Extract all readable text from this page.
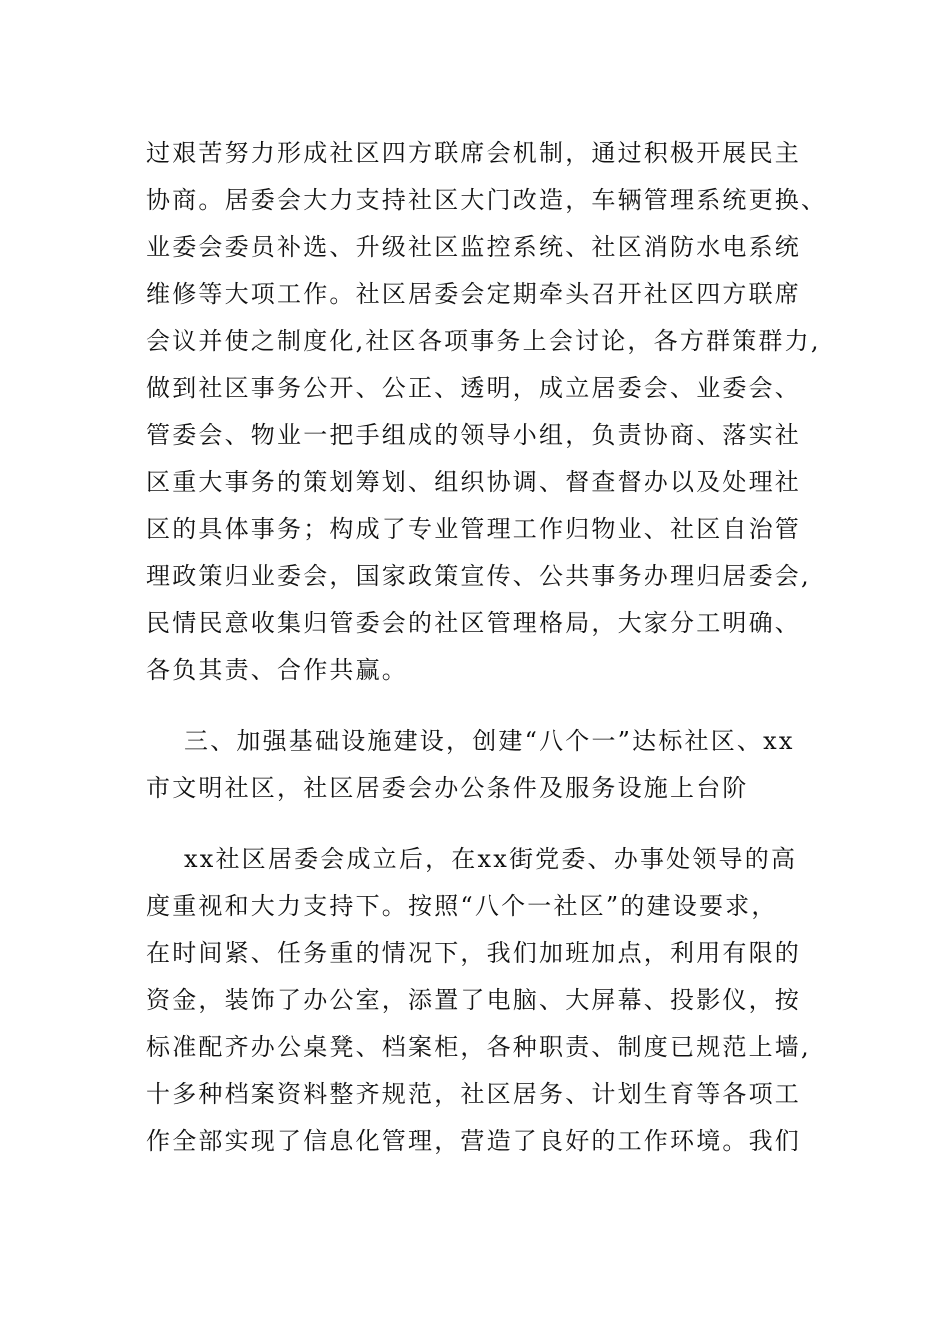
过艰苦努力形成社区四方联席会机制，通过积极开展民主
协商。居委会大力支持社区大门改造，车辆管理系统更换、
业委会委员补选、升级社区监控系统、社区消防水电系统
维修等大项工作。社区居委会定期牵头召开社区四方联席
会议并使之制度化,社区各项事务上会讨论，各方群策群力,
做到社区事务公开、公正、透明，成立居委会、业委会、
管委会、物业一把手组成的领导小组，负责协商、落实社
区重大事务的策划筹划、组织协调、督查督办以及处理社
区的具体事务；构成了专业管理工作归物业、社区自治管
理政策归业委会，国家政策宣传、公共事务办理归居委会,
民情民意收集归管委会的社区管理格局，大家分工明确、
各负其责、合作共赢。
三、加强基础设施建设，创建“八个一”达标社区、xx
市文明社区，社区居委会办公条件及服务设施上台阶
xx社区居委会成立后，在xx街党委、办事处领导的高
度重视和大力支持下。按照“八个一社区”的建设要求，
在时间紧、任务重的情况下，我们加班加点，利用有限的
资金，装饰了办公室，添置了电脑、大屏幕、投影仪，按
标准配齐办公桌凳、档案柜，各种职责、制度已规范上墙,
十多种档案资料整齐规范，社区居务、计划生育等各项工
作全部实现了信息化管理，营造了良好的工作环境。我们
